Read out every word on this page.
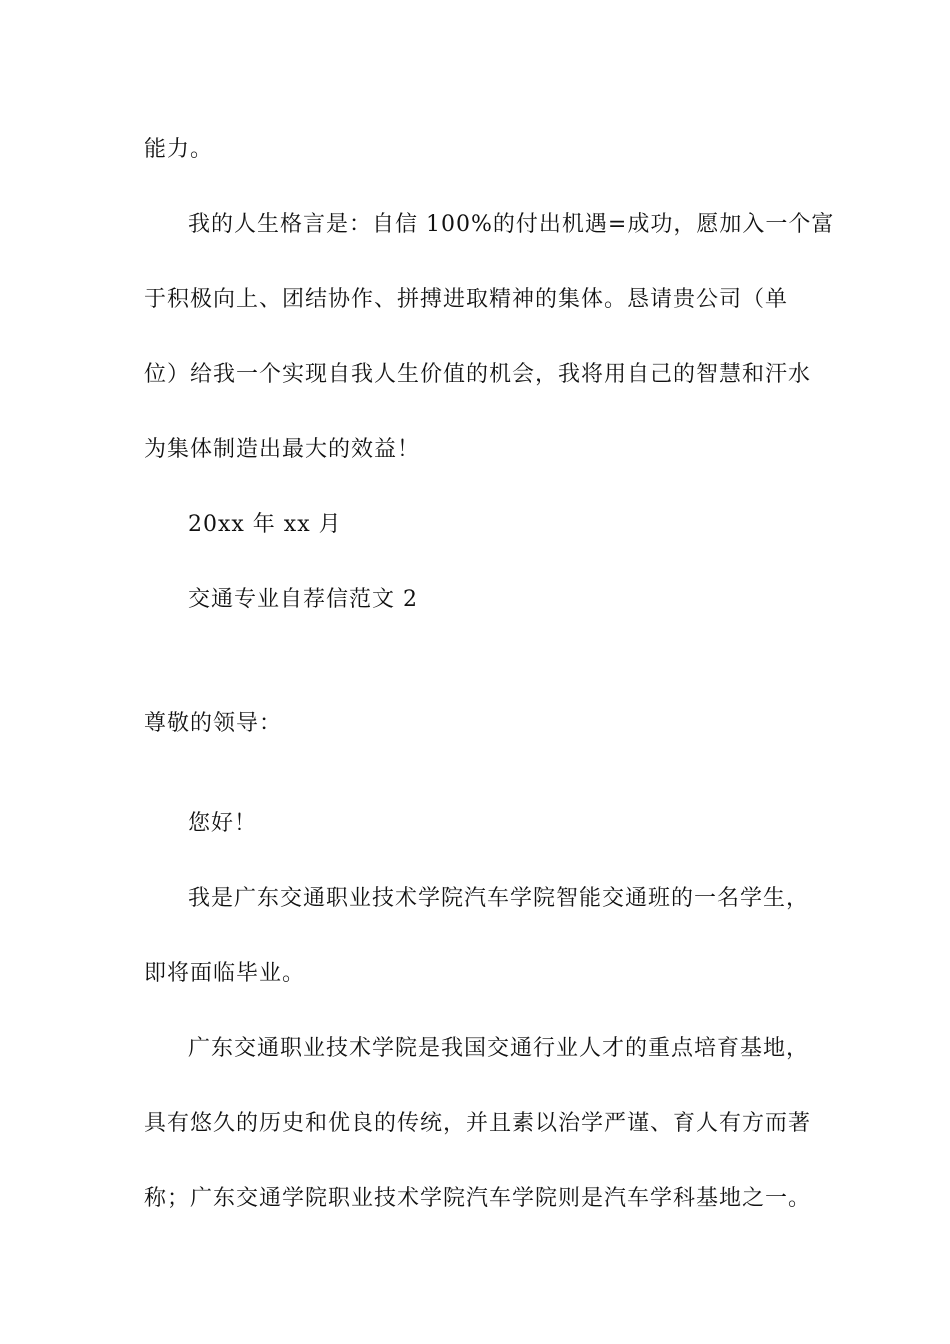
能力。
我的人生格言是：自信 100%的付出机遇=成功，愿加入一个富
于积极向上、团结协作、拼搏进取精神的集体。恳请贵公司（单
位）给我一个实现自我人生价值的机会，我将用自己的智慧和汗水
为集体制造出最大的效益！
20xx 年 xx 月
交通专业自荐信范文 2
尊敬的领导：
您好！
我是广东交通职业技术学院汽车学院智能交通班的一名学生，
即将面临毕业。
广东交通职业技术学院是我国交通行业人才的重点培育基地，
具有悠久的历史和优良的传统，并且素以治学严谨、育人有方而著
称；广东交通学院职业技术学院汽车学院则是汽车学科基地之一。
